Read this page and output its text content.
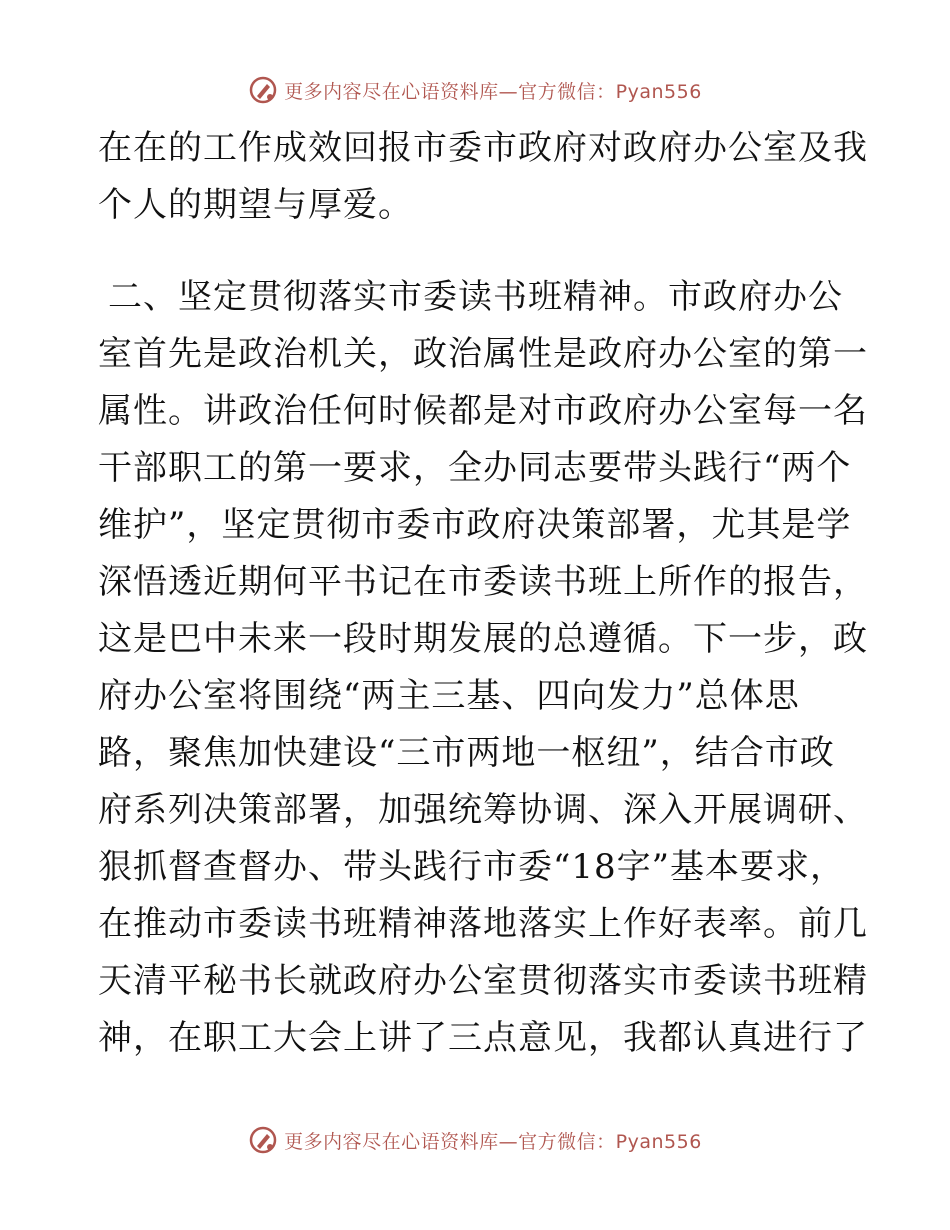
更多内容尽在心语资料库—官方微信：Pyan556
在在的工作成效回报市委市政府对政府办公室及我
个人的期望与厚爱。
二、坚定贯彻落实市委读书班精神。市政府办公
室首先是政治机关，政治属性是政府办公室的第一
属性。讲政治任何时候都是对市政府办公室每一名
干部职工的第一要求，全办同志要带头践行“两个
维护”，坚定贯彻市委市政府决策部署，尤其是学
深悟透近期何平书记在市委读书班上所作的报告，
这是巴中未来一段时期发展的总遵循。下一步，政
府办公室将围绕“两主三基、四向发力”总体思
路，聚焦加快建设“三市两地一枢纽”，结合市政
府系列决策部署，加强统筹协调、深入开展调研、
狠抓督查督办、带头践行市委“18字”基本要求，
在推动市委读书班精神落地落实上作好表率。前几
天清平秘书长就政府办公室贯彻落实市委读书班精
神，在职工大会上讲了三点意见，我都认真进行了
更多内容尽在心语资料库—官方微信：Pyan556
